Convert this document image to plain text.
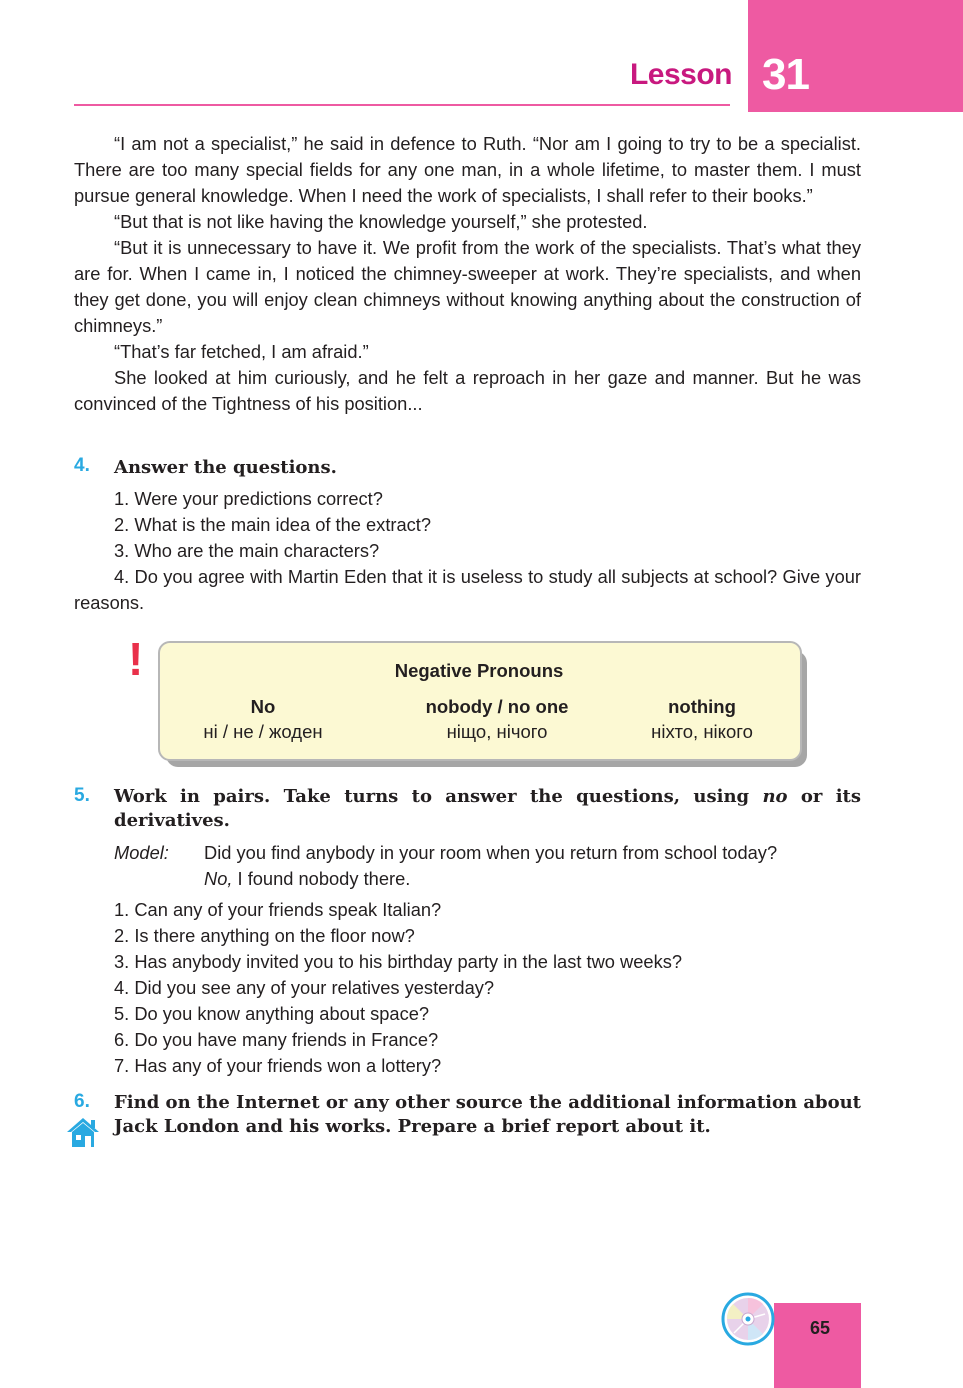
Lesson 31

“I am not a specialist,” he said in defence to Ruth. “Nor am I going to try to be a specialist. There are too many special fields for any one man, in a whole lifetime, to master them. I must pursue general knowledge. When I need the work of specialists, I shall refer to their books.”

“But that is not like having the knowledge yourself,” she protested.

“But it is unnecessary to have it. We profit from the work of the specialists. That’s what they are for. When I came in, I noticed the chimney-sweeper at work. They’re specialists, and when they get done, you will enjoy clean chimneys without knowing anything about the construction of chimneys.”

“That’s far fetched, I am afraid.”

She looked at him curiously, and he felt a reproach in her gaze and manner. But he was convinced of the Tightness of his position...

4. Answer the questions.
1. Were your predictions correct?
2. What is the main idea of the extract?
3. Who are the main characters?

4. Do you agree with Martin Eden that it is useless to study all subjects at school? Give your reasons.

!	Negative Pronouns
No
ні / не / жоден
nobody / no one
нiщо, нічого
nothing
ніхто, нікого
5. Work in pairs. Take turns to answer the questions, using no or its derivatives.
Model: Did you find anybody in your room when you return from school today?
No, I found nobody there.
1. Can any of your friends speak Italian?
2. Is there anything on the floor now?
3. Has anybody invited you to his birthday party in the last two weeks?
4. Did you see any of your relatives yesterday?
5. Do you know anything about space?
6. Do you have many friends in France?
7. Has any of your friends won a lottery?
6. Find on the Internet or any other source the additional information about Jack London and his works. Prepare a brief report about it.
65
